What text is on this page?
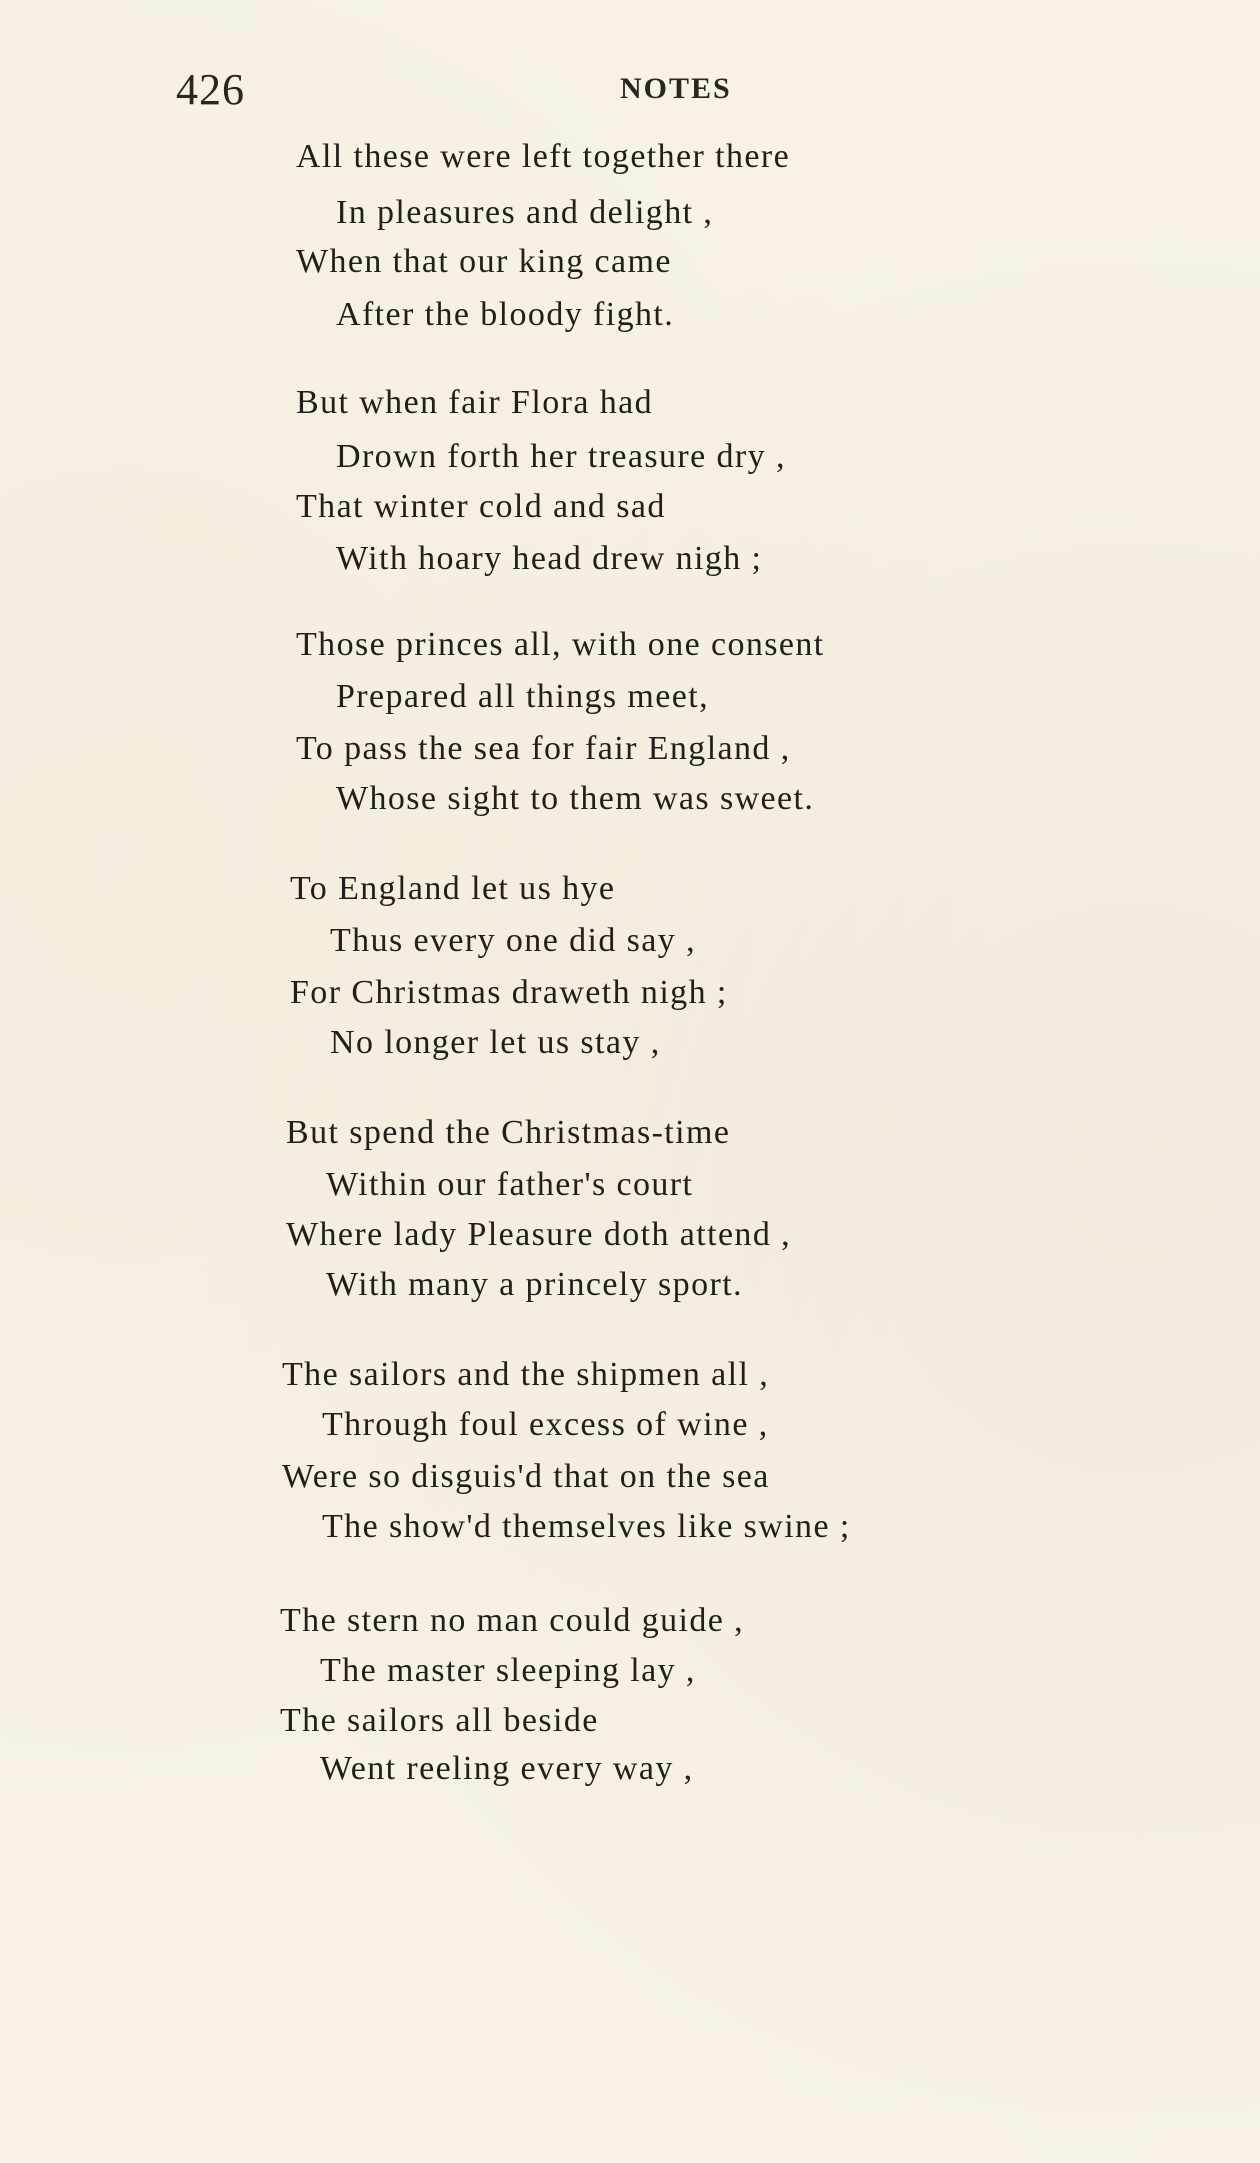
426	NOTES
All these were left together there
In pleasures and delight ,
When that our king came
After the bloody fight.
But when fair Flora had
Drown forth her treasure dry ,
That winter cold and sad
With hoary head drew nigh ;
Those princes all, with one consent
Prepared all things meet,
To pass the sea for fair England ,
Whose sight to them was sweet.
To England let us hye
Thus every one did say ,
For Christmas draweth nigh ;
No longer let us stay ,
But spend the Christmas-time
Within our father's court
Where lady Pleasure doth attend ,
With many a princely sport.
The sailors and the shipmen all ,
Through foul excess of wine ,
Were so disguis'd that on the sea
The show'd themselves like swine ;
The stern no man could guide ,
The master sleeping lay ,
The sailors all beside
Went reeling every way ,
